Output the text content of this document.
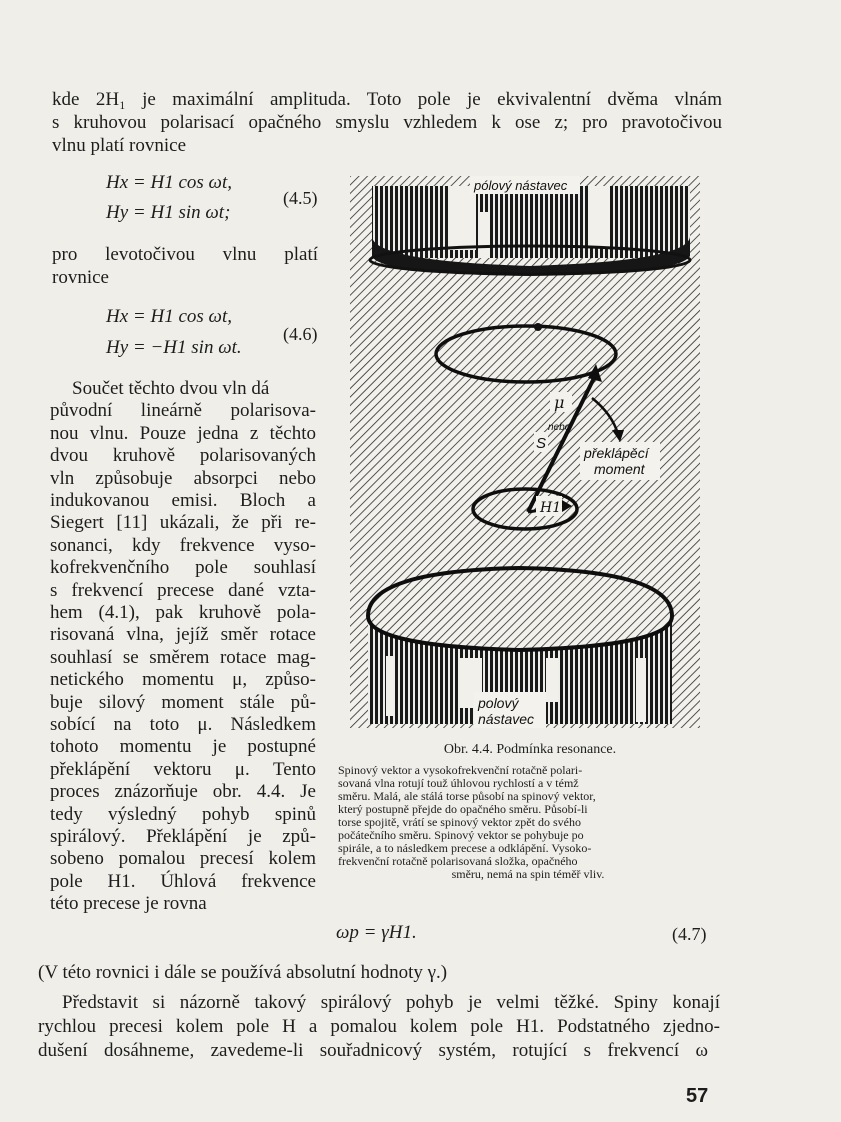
kde 2H₁ je maximální amplituda. Toto pole je ekvivalentní dvěma vlnám
s kruhovou polarisací opačného smyslu vzhledem k ose z; pro pravotočivou
vlnu platí rovnice
Hx = H1 cos ωt,
Hy = H1 sin ωt;
(4.5)
pro levotočivou vlnu platí
rovnice
Hx = H1 cos ωt,
Hy = −H1 sin ωt.
(4.6)
Součet těchto dvou vln dá
původní lineárně polarisova-
nou vlnu. Pouze jedna z těchto
dvou kruhově polarisovaných
vln způsobuje absorpci nebo
indukovanou emisi. Bloch a
Siegert [11] ukázali, že při re-
sonanci, kdy frekvence vyso-
kofrekvenčního pole souhlasí
s frekvencí precese dané vzta-
hem (4.1), pak kruhově pola-
risovaná vlna, jejíž směr rotace
souhlasí se směrem rotace mag-
netického momentu μ, způso-
buje silový moment stále pů-
sobící na toto μ. Následkem
tohoto momentu je postupné
překlápění vektoru μ. Tento
proces znázorňuje obr. 4.4. Je
tedy výsledný pohyb spinů
spirálový. Překlápění je způ-
sobeno pomalou precesí kolem
pole H1. Úhlová frekvence
této precese je rovna
pólový nástavec
μ
nebo
S
překlápěcí
moment
H1
polový
nástavec
Obr. 4.4. Podmínka resonance.
Spinový vektor a vysokofrekvenční rotačně polari-
sovaná vlna rotují touž úhlovou rychlostí a v témž
směru. Malá, ale stálá torse působí na spinový vektor,
který postupně přejde do opačného směru. Působí-li
torse spojitě, vrátí se spinový vektor zpět do svého
počátečního směru. Spinový vektor se pohybuje po
spirále, a to následkem precese a odklápění. Vysoko-
frekvenční rotačně polarisovaná složka, opačného
směru, nemá na spin téměř vliv.
ωp = γH1.	(4.7)
(V této rovnici i dále se používá absolutní hodnoty γ.)
Představit si názorně takový spirálový pohyb je velmi těžké. Spiny konají
rychlou precesi kolem pole H a pomalou kolem pole H1. Podstatného zjedno-
dušení dosáhneme, zavedeme-li souřadnicový systém, rotující s frekvencí ω
57
